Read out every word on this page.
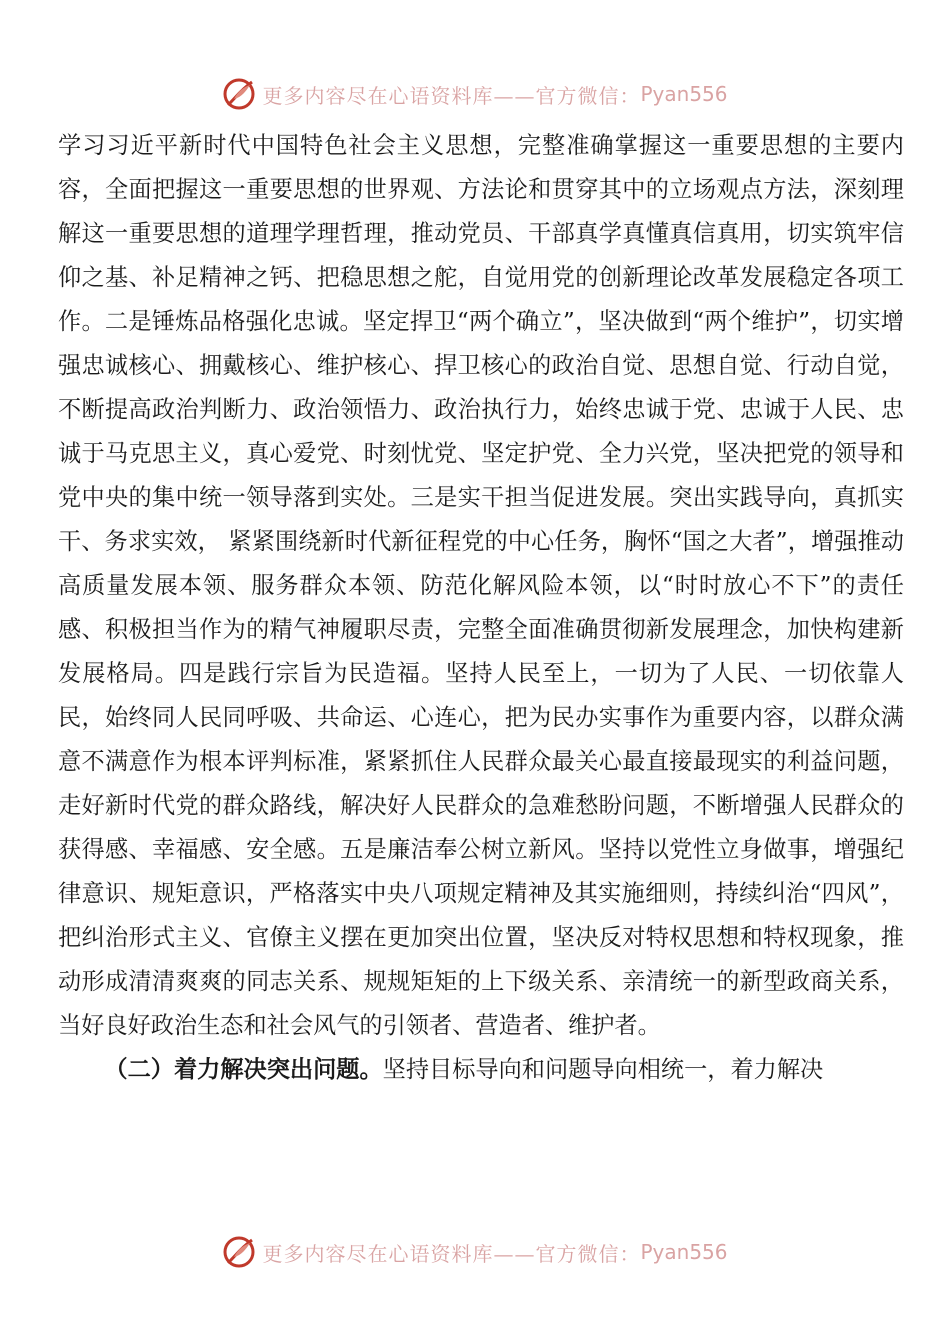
更多内容尽在心语资料库——官方微信： Pyan556

学习习近平新时代中国特色社会主义思想，完整准确掌握这一重要思想的主要内容，全面把握这一重要思想的世界观、方法论和贯穿其中的立场观点方法，深刻理解这一重要思想的道理学理哲理，推动党员、干部真学真懂真信真用，切实筑牢信仰之基、补足精神之钙、把稳思想之舵，自觉用党的创新理论改革发展稳定各项工作。二是锤炼品格强化忠诚。坚定捍卫“两个确立”，坚决做到“两个维护”，切实增强忠诚核心、拥戴核心、维护核心、捍卫核心的政治自觉、思想自觉、行动自觉，不断提高政治判断力、政治领悟力、政治执行力，始终忠诚于党、忠诚于人民、忠诚于马克思主义，真心爱党、时刻忧党、坚定护党、全力兴党，坚决把党的领导和党中央的集中统一领导落到实处。三是实干担当促进发展。突出实践导向，真抓实干、务求实效， 紧紧围绕新时代新征程党的中心任务，胸怀“国之大者”，增强推动高质量发展本领、服务群众本领、防范化解风险本领，以“时时放心不下”的责任感、积极担当作为的精气神履职尽责，完整全面准确贯彻新发展理念，加快构建新发展格局。四是践行宗旨为民造福。坚持人民至上，一切为了人民、一切依靠人民，始终同人民同呼吸、共命运、心连心，把为民办实事作为重要内容，以群众满意不满意作为根本评判标准，紧紧抓住人民群众最关心最直接最现实的利益问题，走好新时代党的群众路线，解决好人民群众的急难愁盼问题，不断增强人民群众的获得感、幸福感、安全感。五是廉洁奉公树立新风。坚持以党性立身做事，增强纪律意识、规矩意识，严格落实中央八项规定精神及其实施细则，持续纠治“四风”，把纠治形式主义、官僚主义摆在更加突出位置，坚决反对特权思想和特权现象，推动形成清清爽爽的同志关系、规规矩矩的上下级关系、亲清统一的新型政商关系，当好良好政治生态和社会风气的引领者、营造者、维护者。

（二）着力解决突出问题。坚持目标导向和问题导向相统一，着力解决

更多内容尽在心语资料库——官方微信： Pyan556
